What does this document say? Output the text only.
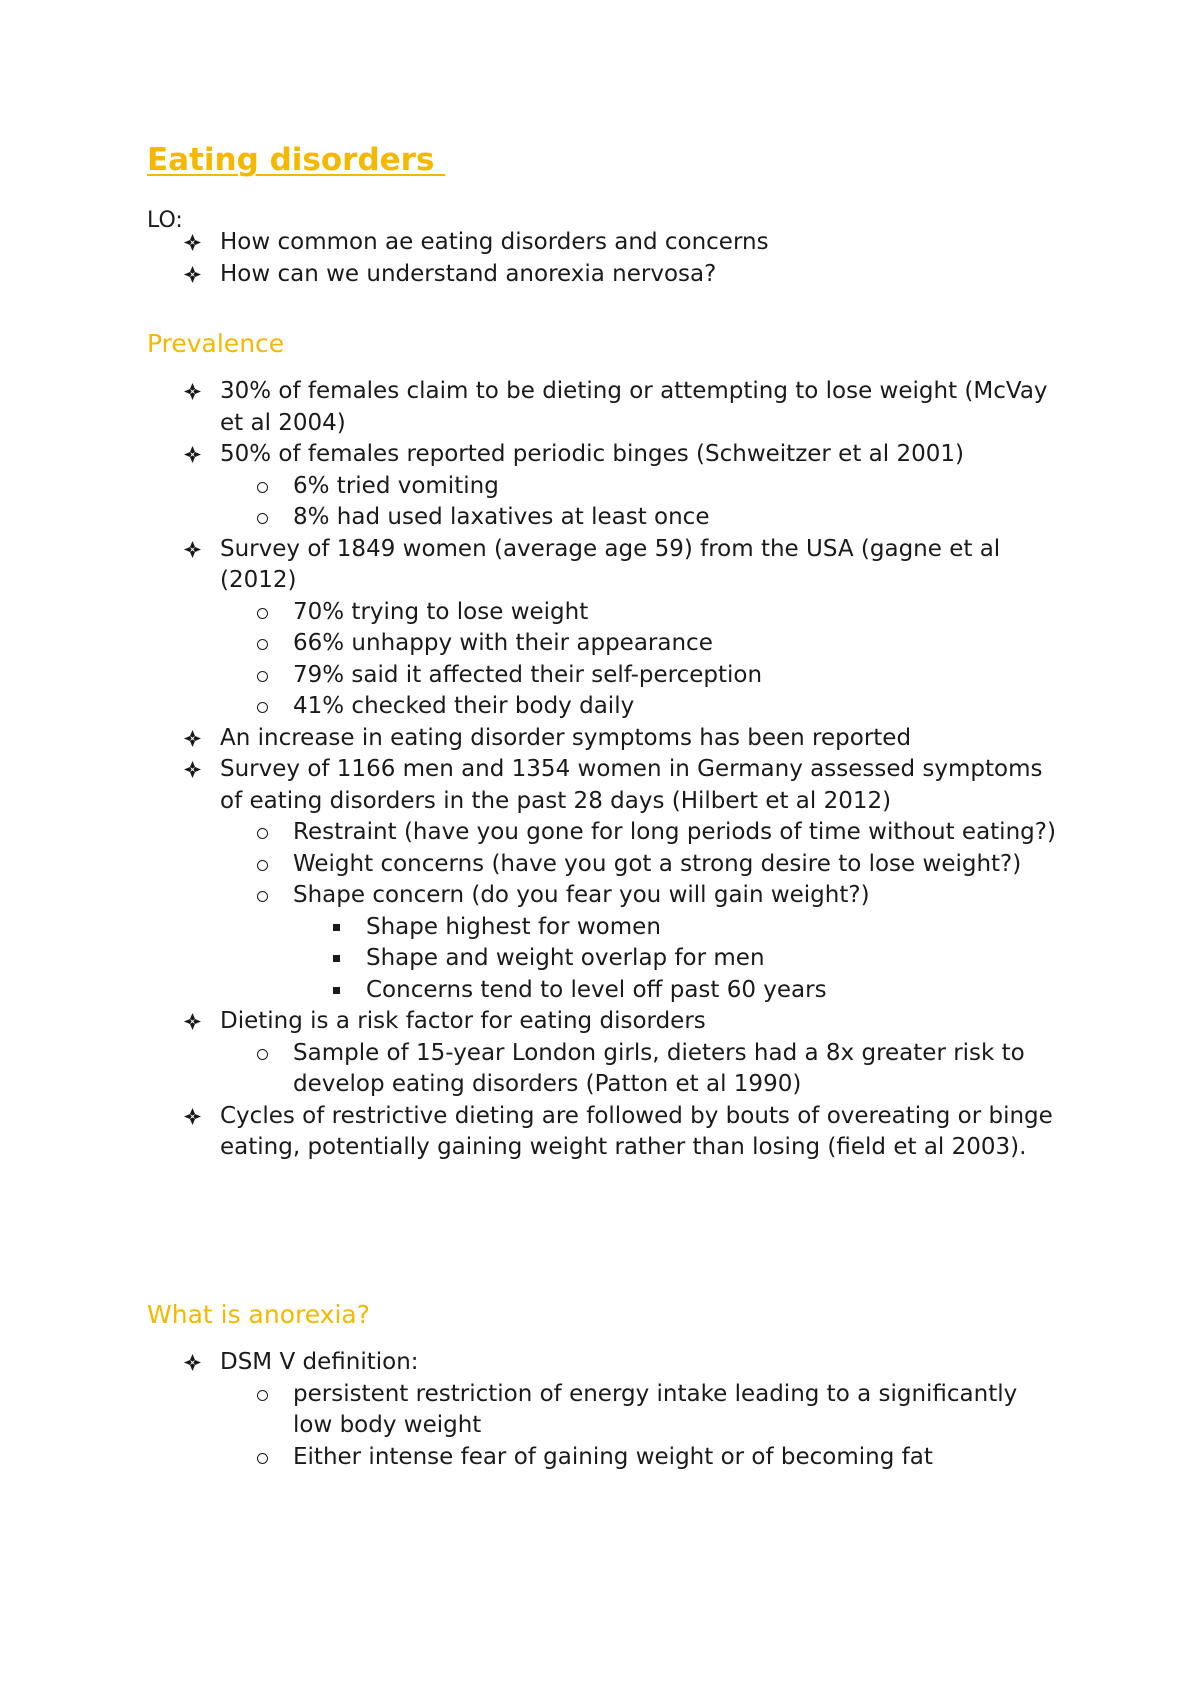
Eating disorders
LO:
How common ae eating disorders and concerns
How can we understand anorexia nervosa?
Prevalence
30% of females claim to be dieting or attempting to lose weight (McVay et al 2004)
50% of females reported periodic binges (Schweitzer et al 2001)
6% tried vomiting
8% had used laxatives at least once
Survey of 1849 women (average age 59) from the USA (gagne et al (2012)
70% trying to lose weight
66% unhappy with their appearance
79% said it affected their self-perception
41% checked their body daily
An increase in eating disorder symptoms has been reported
Survey of 1166 men and 1354 women in Germany assessed symptoms of eating disorders in the past 28 days (Hilbert et al 2012)
Restraint (have you gone for long periods of time without eating?)
Weight concerns (have you got a strong desire to lose weight?)
Shape concern (do you fear you will gain weight?)
Shape highest for women
Shape and weight overlap for men
Concerns tend to level off past 60 years
Dieting is a risk factor for eating disorders
Sample of 15-year London girls, dieters had a 8x greater risk to develop eating disorders (Patton et al 1990)
Cycles of restrictive dieting are followed by bouts of overeating or binge eating, potentially gaining weight rather than losing (field et al 2003).
What is anorexia?
DSM V definition:
persistent restriction of energy intake leading to a significantly low body weight
Either intense fear of gaining weight or of becoming fat
